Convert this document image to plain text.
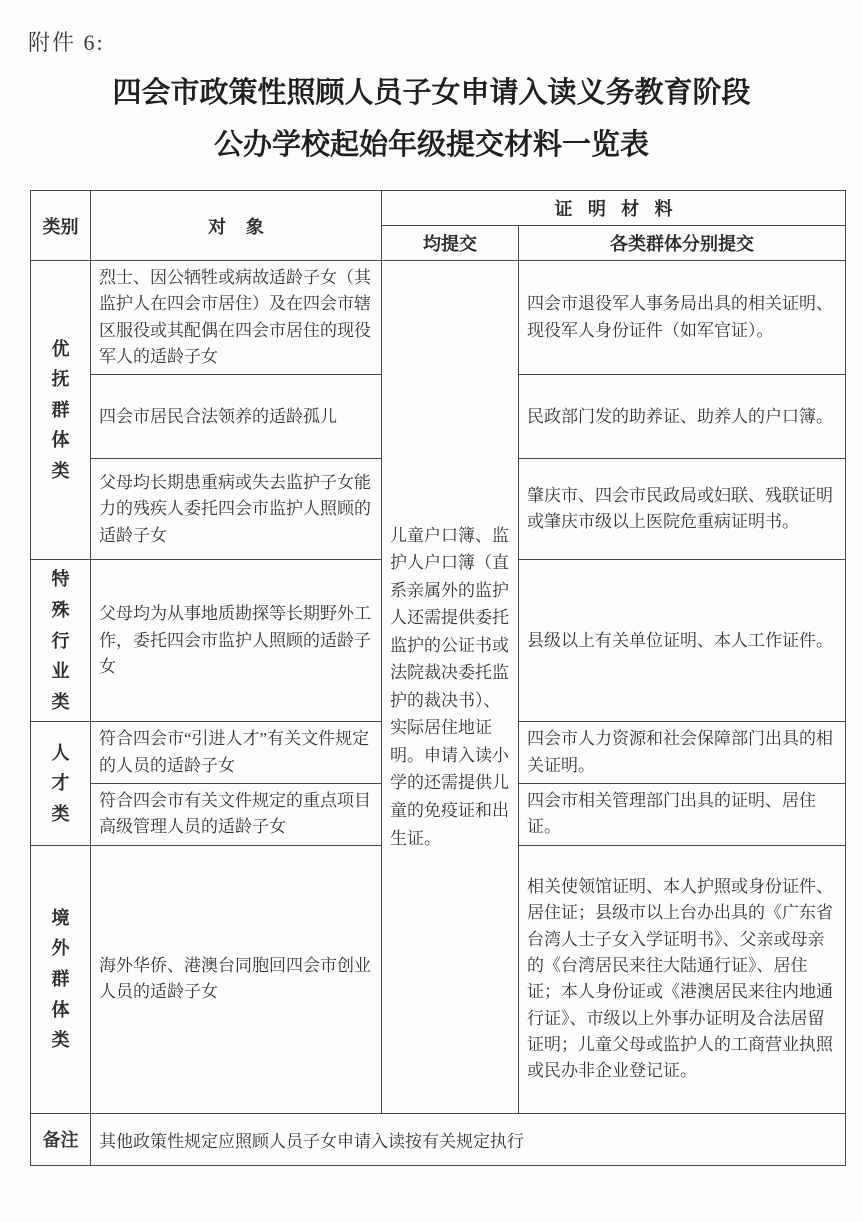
附件 6:
四会市政策性照顾人员子女申请入读义务教育阶段
公办学校起始年级提交材料一览表
类别	对象	证明材料	
		均提交	各类群体分别提交
优抚群体类	烈士、因公牺牲或病故适龄子女（其监护人在四会市居住）及在四会市辖区服役或其配偶在四会市居住的现役军人的适龄子女	儿童户口簿、监护人户口簿（直系亲属外的监护人还需提供委托监护的公证书或法院裁决委托监护的裁决书）、实际居住地证明。申请入读小学的还需提供儿童的免疫证和出生证。	四会市退役军人事务局出具的相关证明、现役军人身份证件（如军官证）。
	四会市居民合法领养的适龄孤儿		民政部门发的助养证、助养人的户口簿。
	父母均长期患重病或失去监护子女能力的残疾人委托四会市监护人照顾的适龄子女		肇庆市、四会市民政局或妇联、残联证明或肇庆市级以上医院危重病证明书。
特殊行业类	父母均为从事地质勘探等长期野外工作，委托四会市监护人照顾的适龄子女		县级以上有关单位证明、本人工作证件。
人才类	符合四会市“引进人才”有关文件规定的人员的适龄子女		四会市人力资源和社会保障部门出具的相关证明。
	符合四会市有关文件规定的重点项目高级管理人员的适龄子女		四会市相关管理部门出具的证明、居住证。
境外群体类	海外华侨、港澳台同胞回四会市创业人员的适龄子女		相关使领馆证明、本人护照或身份证件、居住证；县级市以上台办出具的《广东省台湾人士子女入学证明书》、父亲或母亲的《台湾居民来往大陆通行证》、居住证；本人身份证或《港澳居民来往内地通行证》、市级以上外事办证明及合法居留证明；儿童父母或监护人的工商营业执照或民办非企业登记证。
备注	其他政策性规定应照顾人员子女申请入读按有关规定执行		
